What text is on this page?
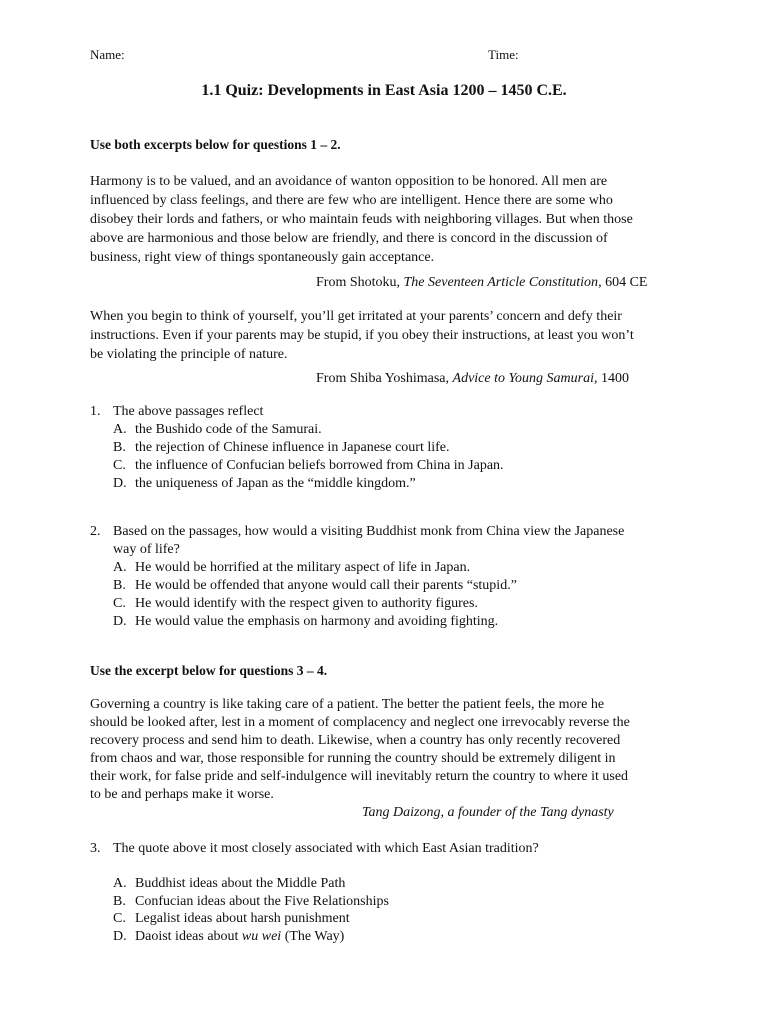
Name:	Time:
1.1 Quiz: Developments in East Asia 1200 – 1450 C.E.
Use both excerpts below for questions 1 – 2.

Harmony is to be valued, and an avoidance of wanton opposition to be honored. All men are

influenced by class feelings, and there are few who are intelligent. Hence there are some who

disobey their lords and fathers, or who maintain feuds with neighboring villages. But when those

above are harmonious and those below are friendly, and there is concord in the discussion of

business, right view of things spontaneously gain acceptance.

From Shotoku, The Seventeen Article Constitution, 604 CE

When you begin to think of yourself, you’ll get irritated at your parents’ concern and defy their

instructions. Even if your parents may be stupid, if you obey their instructions, at least you won’t

be violating the principle of nature.

From Shiba Yoshimasa, Advice to Young Samurai, 1400
1. The above passages reflect
A. the Bushido code of the Samurai.
B. the rejection of Chinese influence in Japanese court life.
C. the influence of Confucian beliefs borrowed from China in Japan.
D. the uniqueness of Japan as the “middle kingdom.”
2. Based on the passages, how would a visiting Buddhist monk from China view the Japanese
way of life?
A. He would be horrified at the military aspect of life in Japan.
B. He would be offended that anyone would call their parents “stupid.”
C. He would identify with the respect given to authority figures.
D. He would value the emphasis on harmony and avoiding fighting.
Use the excerpt below for questions 3 – 4.

Governing a country is like taking care of a patient. The better the patient feels, the more he

should be looked after, lest in a moment of complacency and neglect one irrevocably reverse the

recovery process and send him to death. Likewise, when a country has only recently recovered

from chaos and war, those responsible for running the country should be extremely diligent in

their work, for false pride and self-indulgence will inevitably return the country to where it used

to be and perhaps make it worse.

Tang Daizong, a founder of the Tang dynasty
3. The quote above it most closely associated with which East Asian tradition?
A. Buddhist ideas about the Middle Path
B. Confucian ideas about the Five Relationships
C. Legalist ideas about harsh punishment
D. Daoist ideas about wu wei (The Way)
